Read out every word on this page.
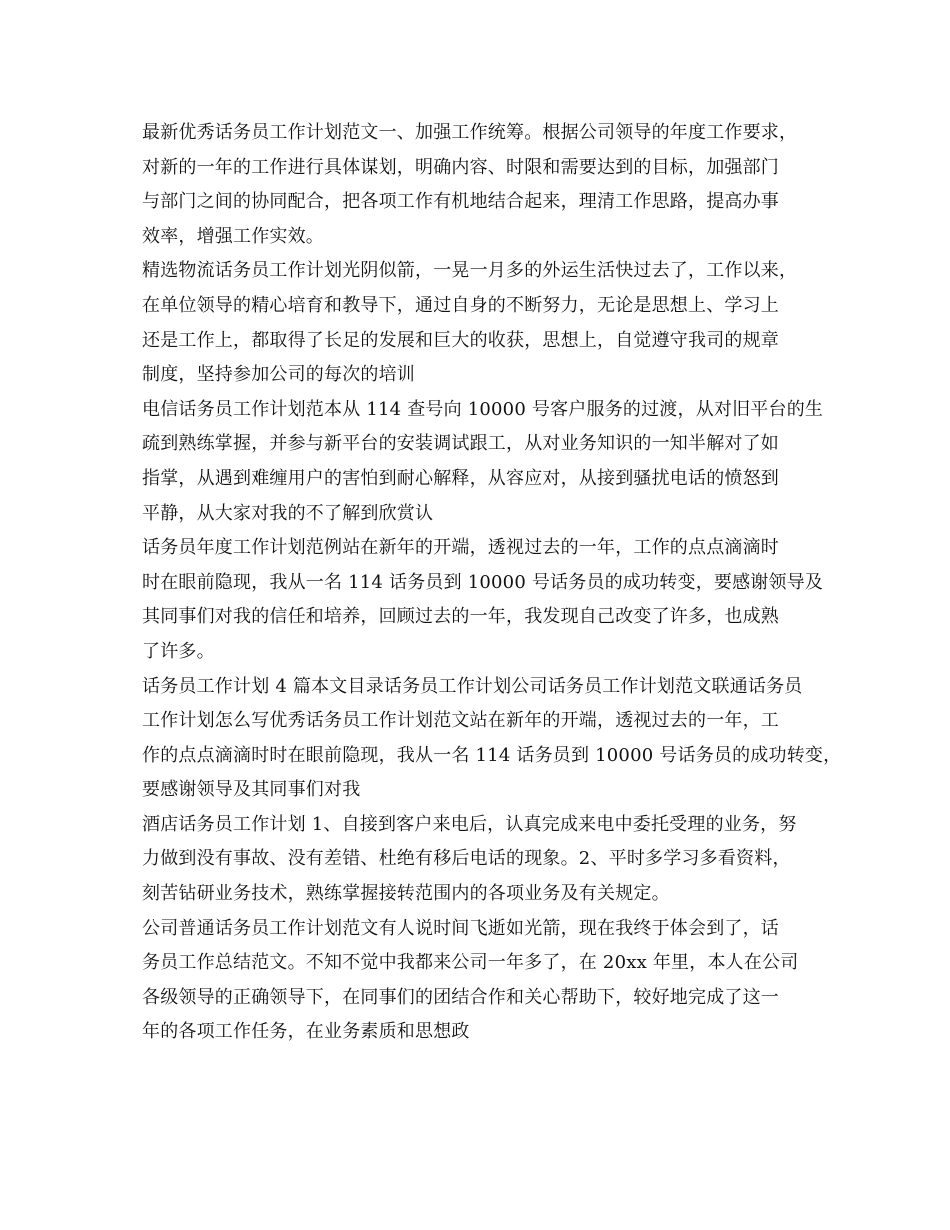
最新优秀话务员工作计划范文一、加强工作统筹。根据公司领导的年度工作要求，
对新的一年的工作进行具体谋划，明确内容、时限和需要达到的目标，加强部门
与部门之间的协同配合，把各项工作有机地结合起来，理清工作思路，提高办事
效率，增强工作实效。
精选物流话务员工作计划光阴似箭，一晃一月多的外运生活快过去了，工作以来，
在单位领导的精心培育和教导下，通过自身的不断努力，无论是思想上、学习上
还是工作上，都取得了长足的发展和巨大的收获，思想上，自觉遵守我司的规章
制度，坚持参加公司的每次的培训
电信话务员工作计划范本从 114 查号向 10000 号客户服务的过渡，从对旧平台的生
疏到熟练掌握，并参与新平台的安装调试跟工，从对业务知识的一知半解对了如
指掌，从遇到难缠用户的害怕到耐心解释，从容应对，从接到骚扰电话的愤怒到
平静，从大家对我的不了解到欣赏认
话务员年度工作计划范例站在新年的开端，透视过去的一年，工作的点点滴滴时
时在眼前隐现，我从一名 114 话务员到 10000 号话务员的成功转变，要感谢领导及
其同事们对我的信任和培养，回顾过去的一年，我发现自己改变了许多，也成熟
了许多。
话务员工作计划 4 篇本文目录话务员工作计划公司话务员工作计划范文联通话务员
工作计划怎么写优秀话务员工作计划范文站在新年的开端，透视过去的一年，工
作的点点滴滴时时在眼前隐现，我从一名 114 话务员到 10000 号话务员的成功转变，
要感谢领导及其同事们对我
酒店话务员工作计划 1、自接到客户来电后，认真完成来电中委托受理的业务，努
力做到没有事故、没有差错、杜绝有移后电话的现象。2、平时多学习多看资料，
刻苦钻研业务技术，熟练掌握接转范围内的各项业务及有关规定。
公司普通话务员工作计划范文有人说时间飞逝如光箭，现在我终于体会到了，话
务员工作总结范文。不知不觉中我都来公司一年多了，在 20xx 年里，本人在公司
各级领导的正确领导下，在同事们的团结合作和关心帮助下，较好地完成了这一
年的各项工作任务，在业务素质和思想政
